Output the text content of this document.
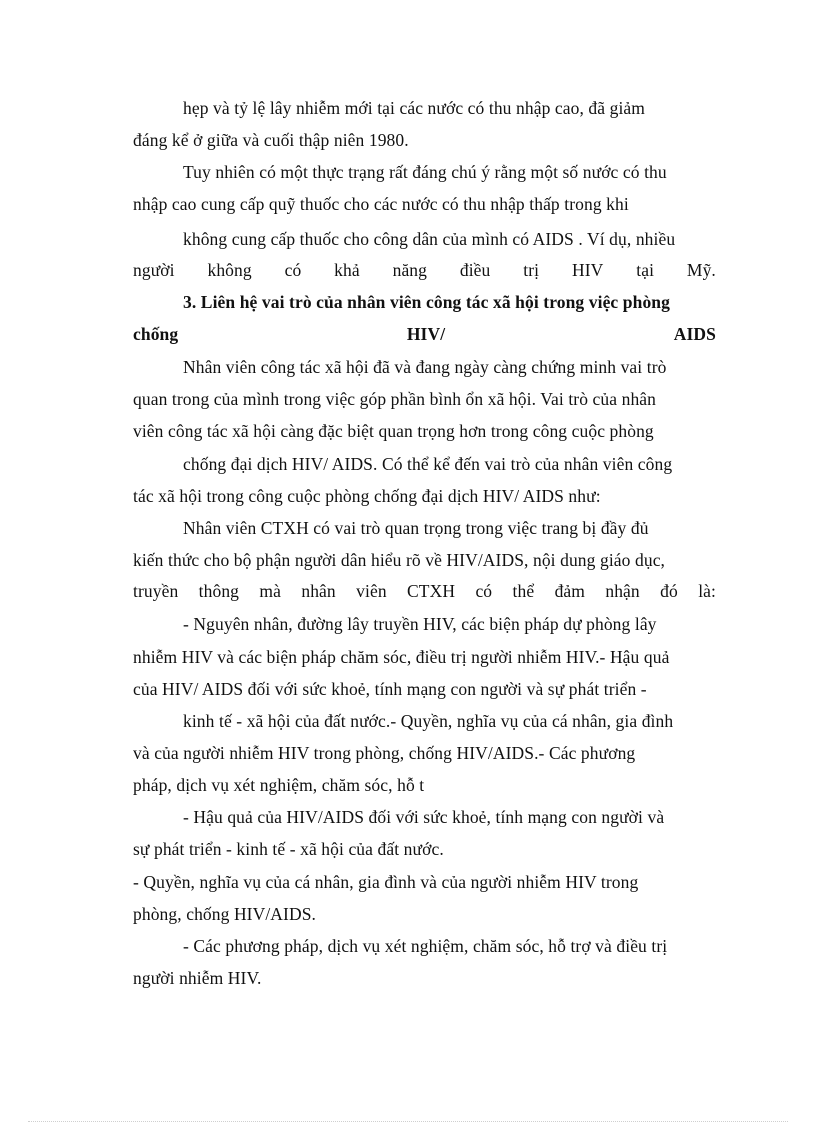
hẹp và tỷ lệ lây nhiễm mới tại các nước có thu nhập cao, đã giảm
đáng kể ở giữa và cuối thập niên 1980.
Tuy nhiên có một thực trạng rất đáng chú ý rằng một số nước có thu
nhập cao cung cấp quỹ thuốc cho các nước có thu nhập thấp trong khi
không cung cấp thuốc cho công dân của mình có AIDS . Ví dụ, nhiều
người không có khả năng điều trị HIV tại Mỹ.
3. Liên hệ vai trò của nhân viên công tác xã hội trong việc phòng
chống	HIV/	AIDS
Nhân viên công tác xã hội đã và đang ngày càng chứng minh vai trò
quan trong của mình trong việc góp phần bình ổn xã hội. Vai trò của nhân
viên công tác xã hội càng đặc biệt quan trọng hơn trong công cuộc phòng
chống đại dịch HIV/ AIDS. Có thể kể đến vai trò của nhân viên công
tác xã hội trong công cuộc phòng chống đại dịch HIV/ AIDS như:
Nhân viên CTXH có vai trò quan trọng trong việc trang bị đầy đủ
kiến thức cho bộ phận người dân hiểu rõ về HIV/AIDS, nội dung giáo dục,
truyền thông mà nhân viên CTXH có thể đảm nhận đó là:
- Nguyên nhân, đường lây truyền HIV, các biện pháp dự phòng lây
nhiễm HIV và các biện pháp chăm sóc, điều trị người nhiễm HIV.- Hậu quả
của HIV/ AIDS đối với sức khoẻ, tính mạng con người và sự phát triển -
kinh tế - xã hội của đất nước.- Quyền, nghĩa vụ của cá nhân, gia đình
và của người nhiễm HIV trong phòng, chống HIV/AIDS.- Các phương
pháp, dịch vụ xét nghiệm, chăm sóc, hỗ t
- Hậu quả của HIV/AIDS đối với sức khoẻ, tính mạng con người và
sự phát triển - kinh tế - xã hội của đất nước.
- Quyền, nghĩa vụ của cá nhân, gia đình và của người nhiễm HIV trong
phòng, chống HIV/AIDS.
- Các phương pháp, dịch vụ xét nghiệm, chăm sóc, hỗ trợ và điều trị
người nhiễm HIV.
